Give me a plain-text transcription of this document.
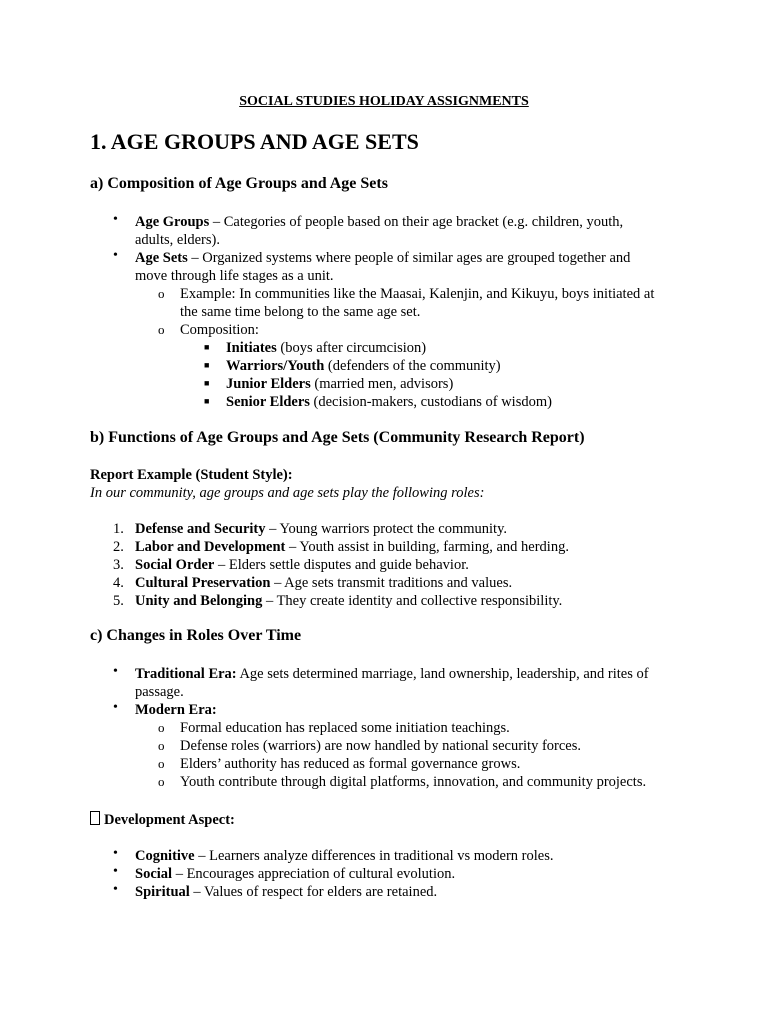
SOCIAL STUDIES HOLIDAY ASSIGNMENTS
1. AGE GROUPS AND AGE SETS
a) Composition of Age Groups and Age Sets
• Age Groups – Categories of people based on their age bracket (e.g. children, youth,
adults, elders).
• Age Sets – Organized systems where people of similar ages are grouped together and
move through life stages as a unit.
o Example: In communities like the Maasai, Kalenjin, and Kikuyu, boys initiated at
the same time belong to the same age set.
o Composition:
■ Initiates (boys after circumcision)
■ Warriors/Youth (defenders of the community)
■ Junior Elders (married men, advisors)
■ Senior Elders (decision-makers, custodians of wisdom)
b) Functions of Age Groups and Age Sets (Community Research Report)
Report Example (Student Style):
In our community, age groups and age sets play the following roles:
1. Defense and Security – Young warriors protect the community.
2. Labor and Development – Youth assist in building, farming, and herding.
3. Social Order – Elders settle disputes and guide behavior.
4. Cultural Preservation – Age sets transmit traditions and values.
5. Unity and Belonging – They create identity and collective responsibility.
c) Changes in Roles Over Time
• Traditional Era: Age sets determined marriage, land ownership, leadership, and rites of
passage.
• Modern Era:
o Formal education has replaced some initiation teachings.
o Defense roles (warriors) are now handled by national security forces.
o Elders’ authority has reduced as formal governance grows.
o Youth contribute through digital platforms, innovation, and community projects.
Development Aspect:
• Cognitive – Learners analyze differences in traditional vs modern roles.
• Social – Encourages appreciation of cultural evolution.
• Spiritual – Values of respect for elders are retained.
